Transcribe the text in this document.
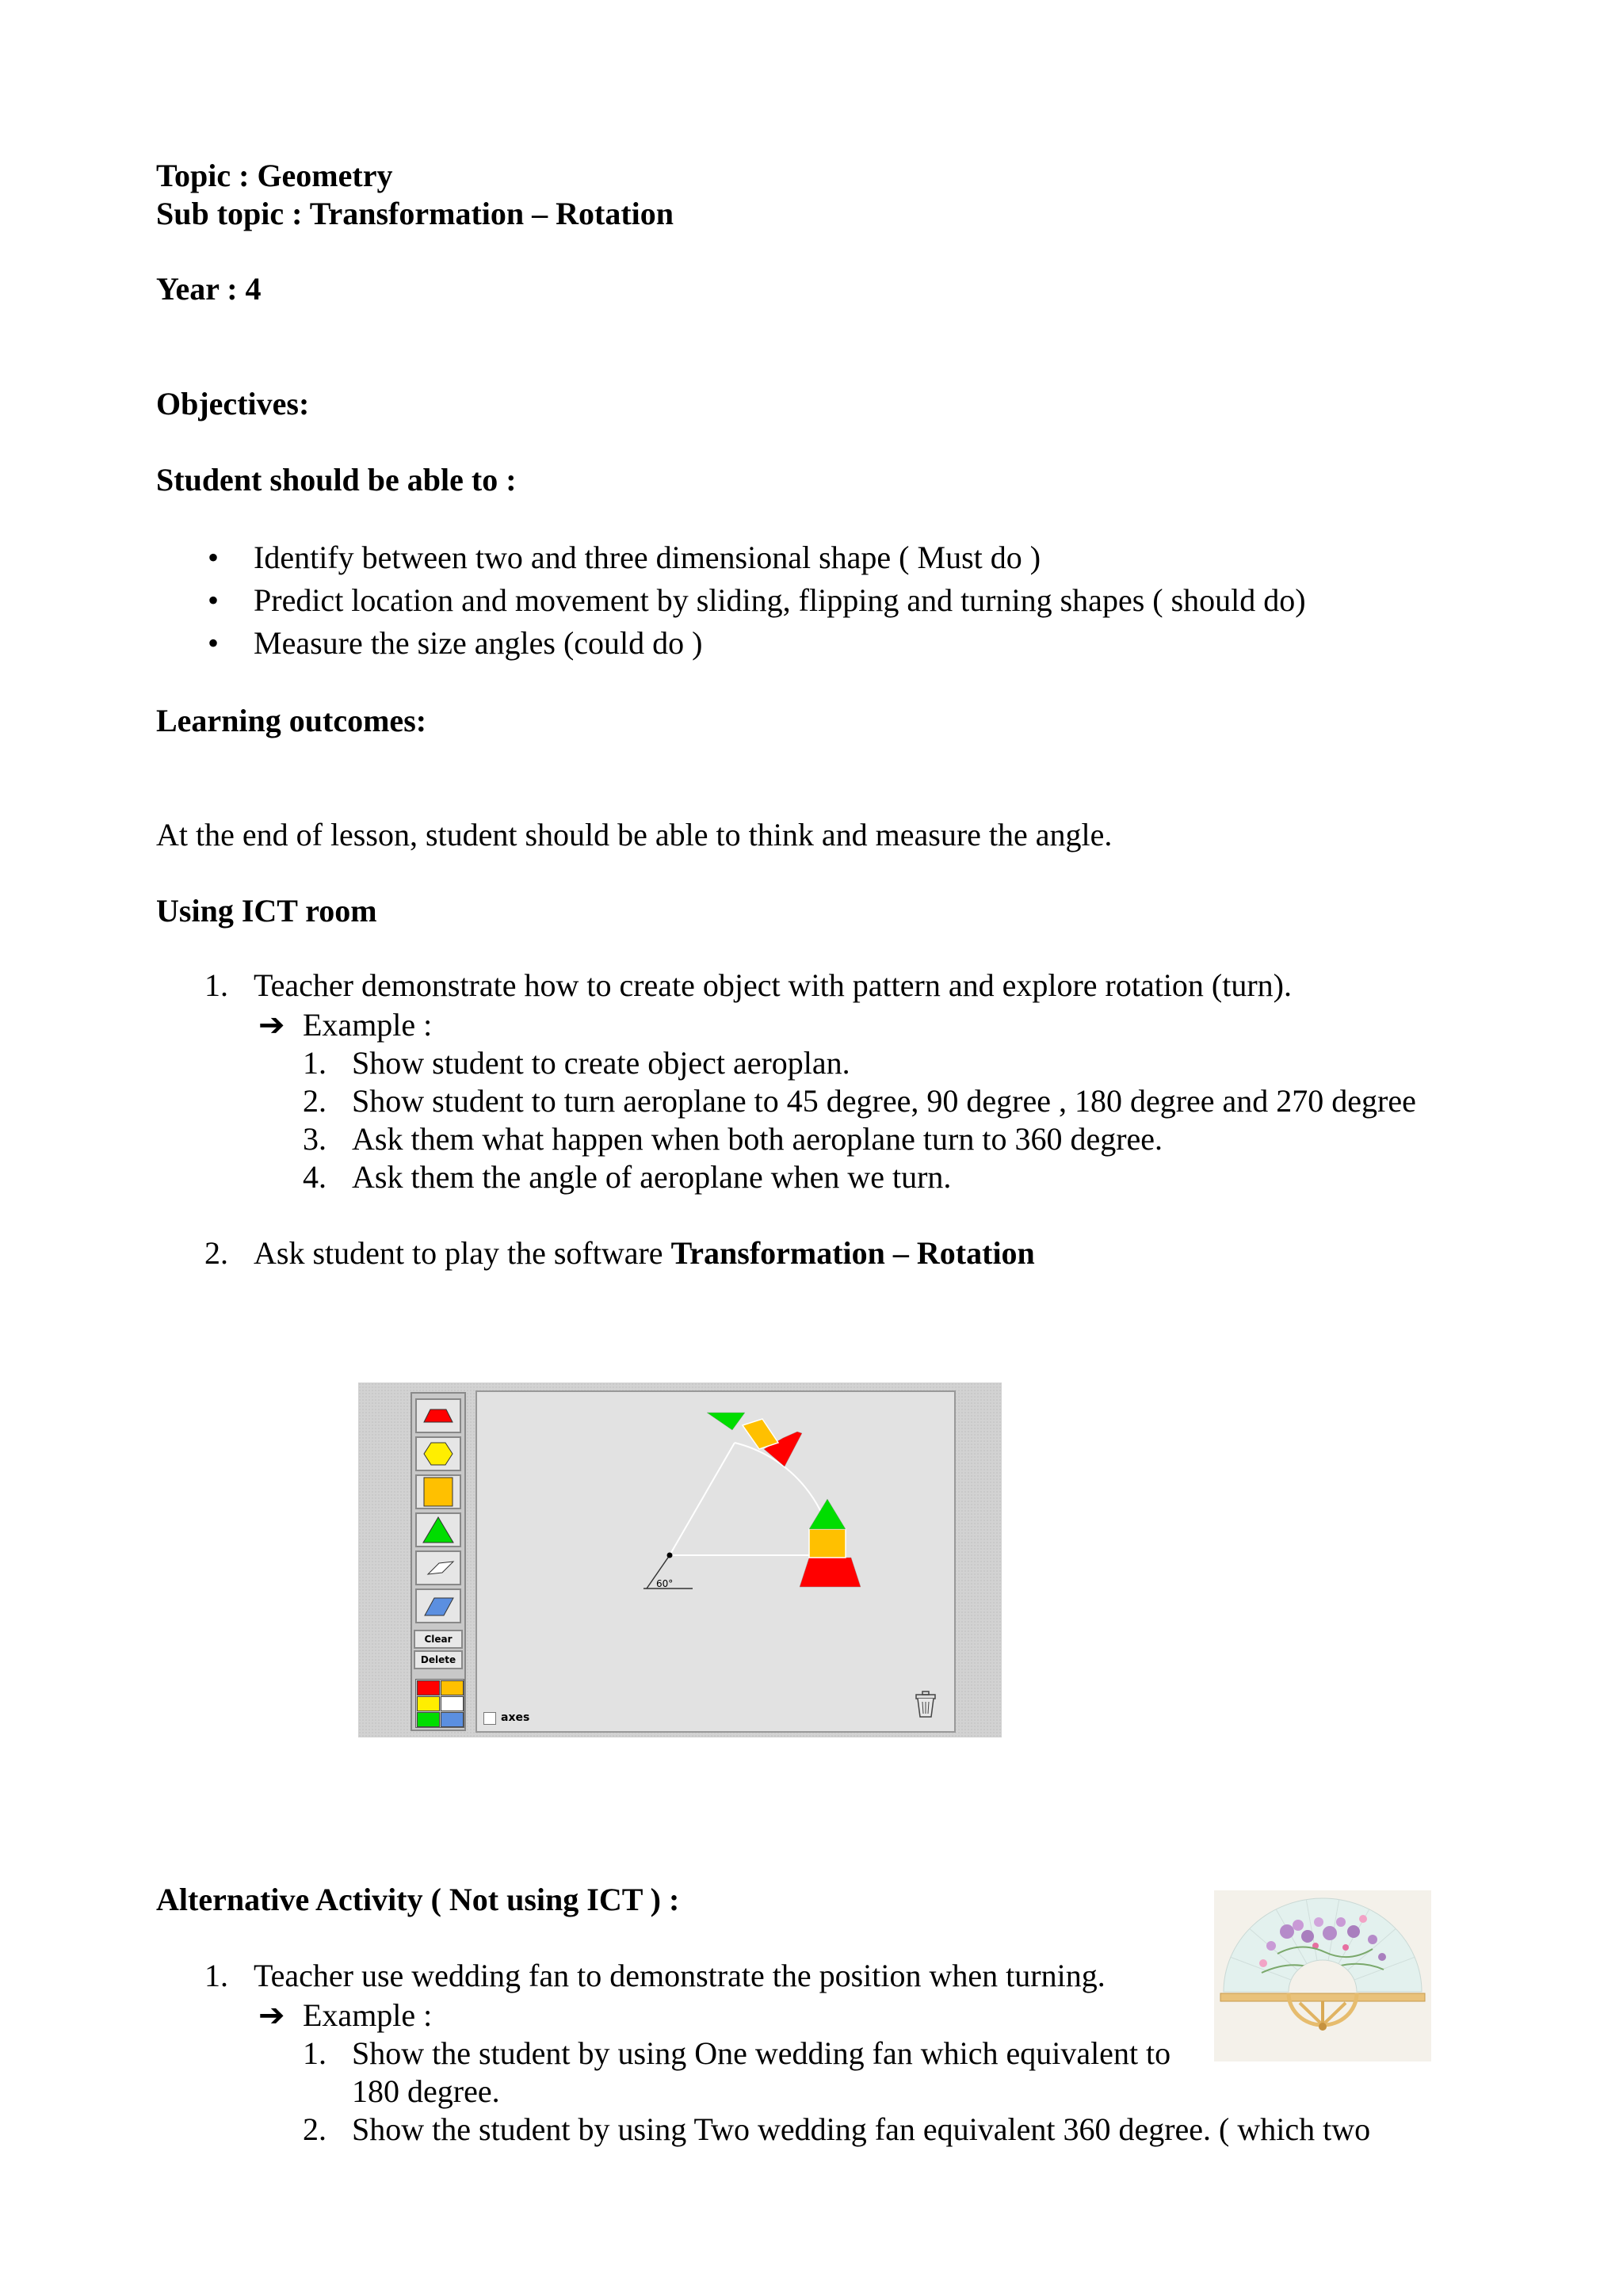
Topic : Geometry
Sub topic : Transformation – Rotation
Year : 4
Objectives:
Student should be able to :
• Identify between two and three dimensional shape ( Must do )
• Predict location and movement by sliding, flipping and turning shapes ( should do)
• Measure the size angles (could do )
Learning outcomes:
At the end of lesson, student should be able to think and measure the angle.
Using ICT room
1. Teacher demonstrate how to create object with pattern and explore rotation (turn).
➔ Example :
1. Show student to create object aeroplan.
2. Show student to turn aeroplane to 45 degree, 90 degree , 180 degree and 270 degree
3. Ask them what happen when both aeroplane turn to 360 degree.
4. Ask them the angle of aeroplane when we turn.
2. Ask student to play the software Transformation – Rotation
Clear
Delete
60°
axes
Alternative Activity ( Not using ICT ) :
1. Teacher use wedding fan to demonstrate the position when turning.
➔ Example :
1. Show the student by using One wedding fan which equivalent to
180 degree.
2. Show the student by using Two wedding fan equivalent 360 degree. ( which two
